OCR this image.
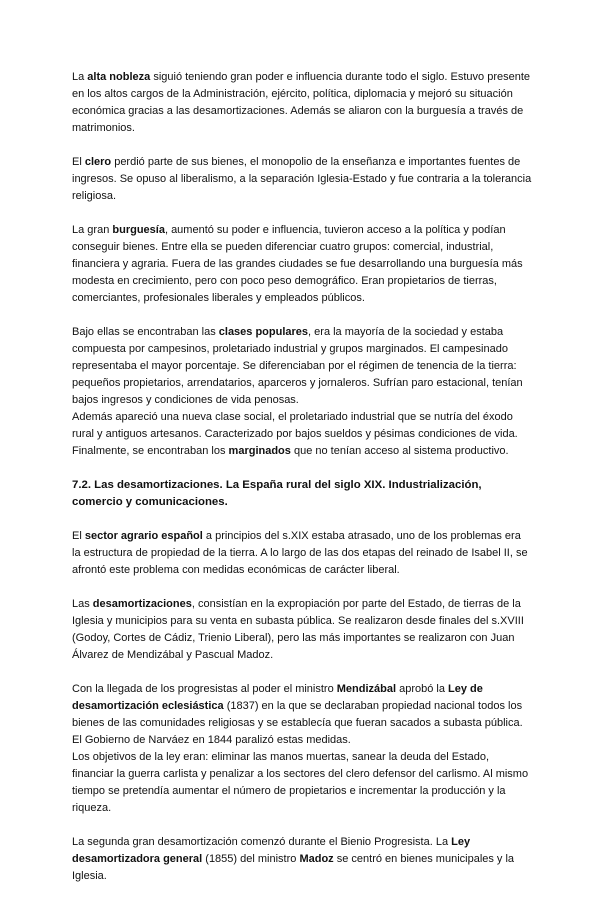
La alta nobleza siguió teniendo gran poder e influencia durante todo el siglo. Estuvo presente en los altos cargos de la Administración, ejército, política, diplomacia y mejoró su situación económica gracias a las desamortizaciones. Además se aliaron con la burguesía a través de matrimonios.

El clero perdió parte de sus bienes, el monopolio de la enseñanza e importantes fuentes de ingresos. Se opuso al liberalismo, a la separación Iglesia-Estado y fue contraria a la tolerancia religiosa.

La gran burguesía, aumentó su poder e influencia, tuvieron acceso a la política y podían conseguir bienes. Entre ella se pueden diferenciar cuatro grupos: comercial, industrial, financiera y agraria. Fuera de las grandes ciudades se fue desarrollando una burguesía más modesta en crecimiento, pero con poco peso demográfico. Eran propietarios de tierras, comerciantes, profesionales liberales y empleados públicos.

Bajo ellas se encontraban las clases populares, era la mayoría de la sociedad y estaba compuesta por campesinos, proletariado industrial y grupos marginados. El campesinado representaba el mayor porcentaje. Se diferenciaban por el régimen de tenencia de la tierra: pequeños propietarios, arrendatarios, aparceros y jornaleros. Sufrían paro estacional, tenían bajos ingresos y condiciones de vida penosas.

Además apareció una nueva clase social, el proletariado industrial que se nutría del éxodo rural y antiguos artesanos. Caracterizado por bajos sueldos y pésimas condiciones de vida. Finalmente, se encontraban los marginados que no tenían acceso al sistema productivo.

7.2. Las desamortizaciones. La España rural del siglo XIX. Industrialización, comercio y comunicaciones.

El sector agrario español a principios del s.XIX estaba atrasado, uno de los problemas era la estructura de propiedad de la tierra. A lo largo de las dos etapas del reinado de Isabel II, se afrontó este problema con medidas económicas de carácter liberal.

Las desamortizaciones, consistían en la expropiación por parte del Estado, de tierras de la Iglesia y municipios para su venta en subasta pública. Se realizaron desde finales del s.XVIII (Godoy, Cortes de Cádiz, Trienio Liberal), pero las más importantes se realizaron con Juan Álvarez de Mendizábal y Pascual Madoz.

Con la llegada de los progresistas al poder el ministro Mendizábal aprobó la Ley de desamortización eclesiástica (1837) en la que se declaraban propiedad nacional todos los bienes de las comunidades religiosas y se establecía que fueran sacados a subasta pública. El Gobierno de Narváez en 1844 paralizó estas medidas.

Los objetivos de la ley eran: eliminar las manos muertas, sanear la deuda del Estado, financiar la guerra carlista y penalizar a los sectores del clero defensor del carlismo. Al mismo tiempo se pretendía aumentar el número de propietarios e incrementar la producción y la riqueza.

La segunda gran desamortización comenzó durante el Bienio Progresista. La Ley desamortizadora general (1855) del ministro Madoz se centró en bienes municipales y la Iglesia.
